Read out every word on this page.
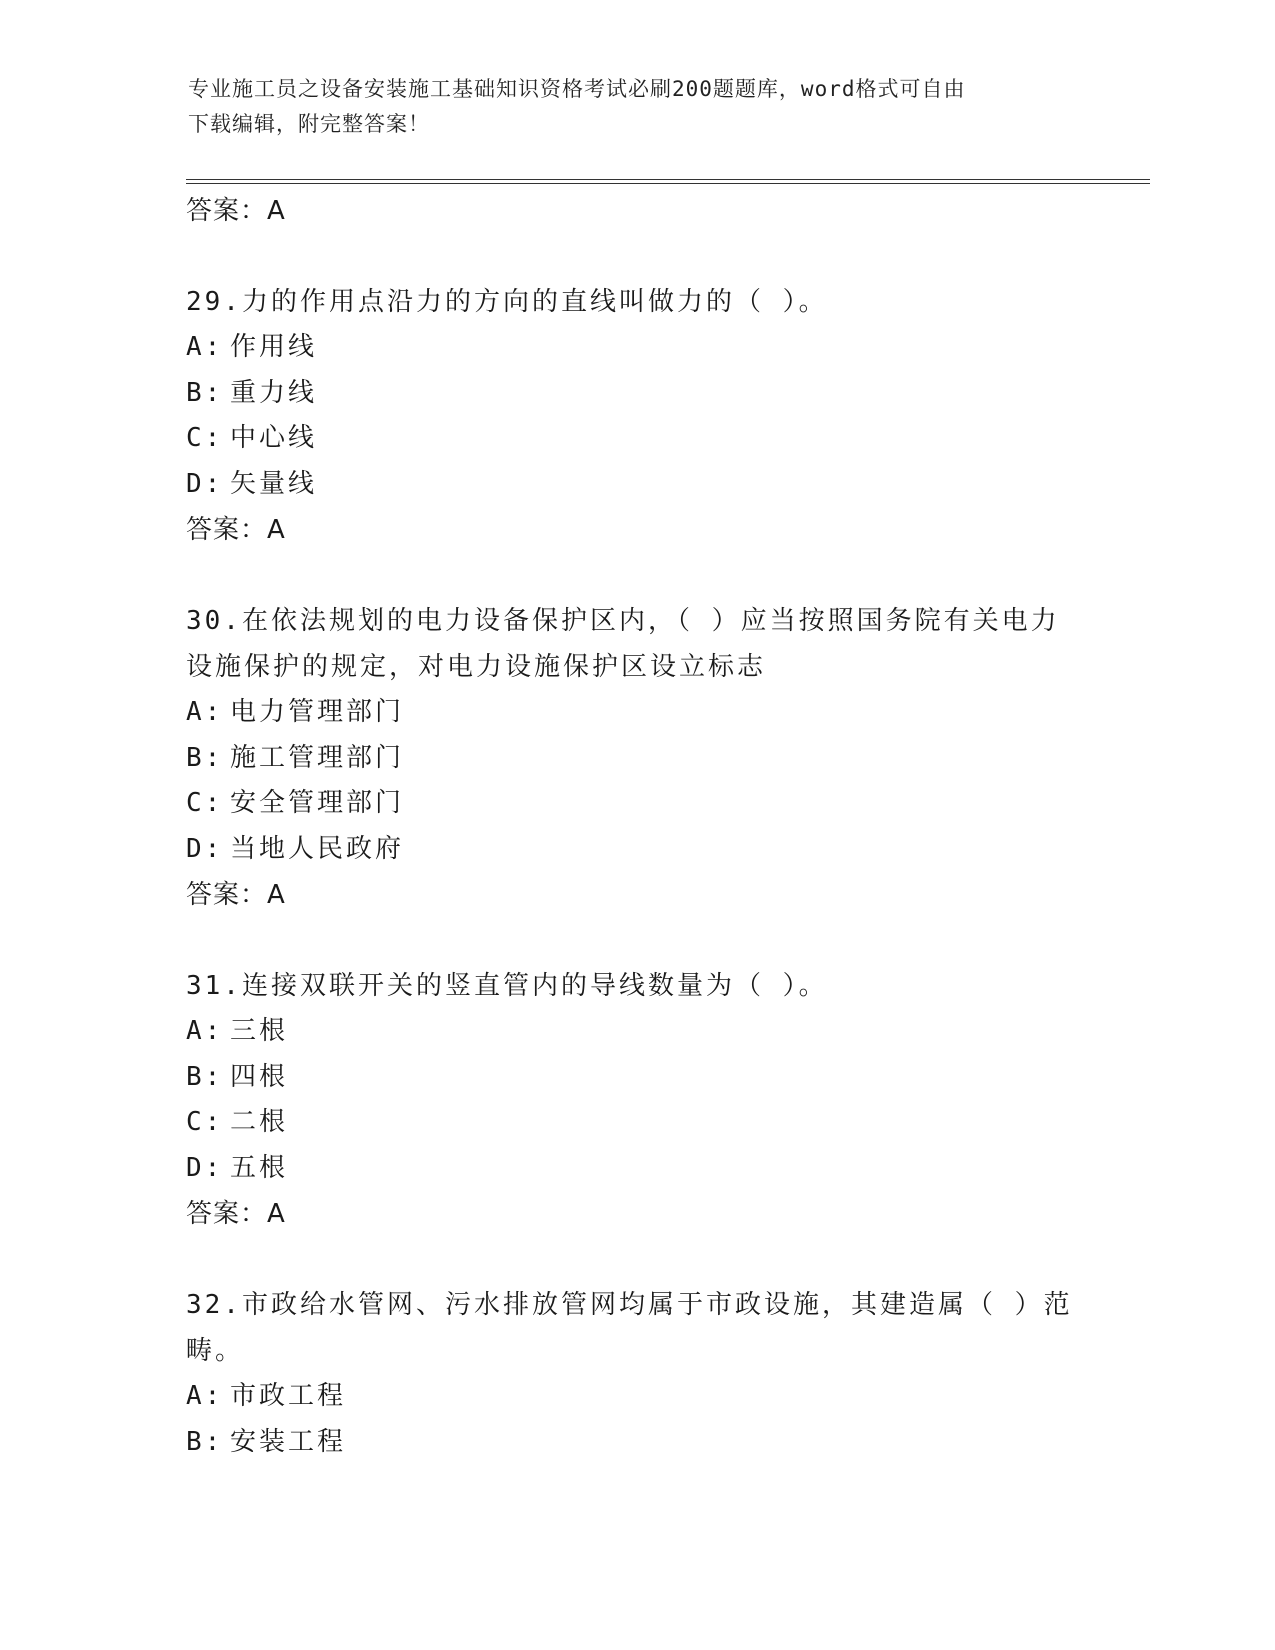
专业施工员之设备安装施工基础知识资格考试必刷200题题库，word格式可自由
下载编辑，附完整答案！
答案：A
29.力的作用点沿力的方向的直线叫做力的（ ）。
A: 作用线
B: 重力线
C: 中心线
D: 矢量线
答案：A
30.在依法规划的电力设备保护区内，（ ）应当按照国务院有关电力
设施保护的规定，对电力设施保护区设立标志
A: 电力管理部门
B: 施工管理部门
C: 安全管理部门
D: 当地人民政府
答案：A
31.连接双联开关的竖直管内的导线数量为（ ）。
A: 三根
B: 四根
C: 二根
D: 五根
答案：A
32.市政给水管网、污水排放管网均属于市政设施，其建造属（ ）范
畴。
A: 市政工程
B: 安装工程
